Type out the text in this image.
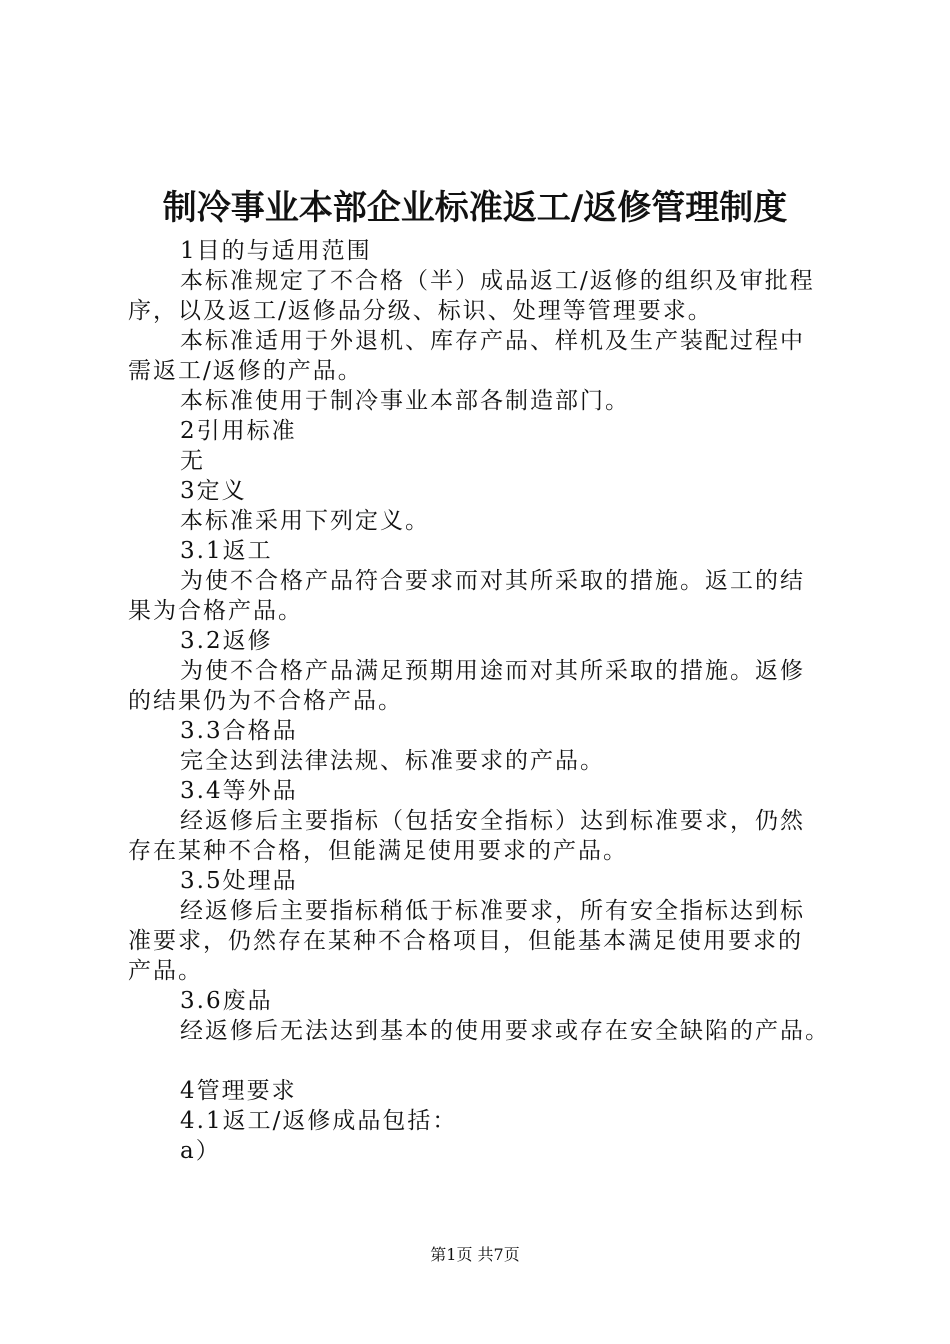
制冷事业本部企业标准返工/返修管理制度
1目的与适用范围
本标准规定了不合格（半）成品返工/返修的组织及审批程
序，以及返工/返修品分级、标识、处理等管理要求。
本标准适用于外退机、库存产品、样机及生产装配过程中
需返工/返修的产品。
本标准使用于制冷事业本部各制造部门。
2引用标准
无
3定义
本标准采用下列定义。
3.1返工
为使不合格产品符合要求而对其所采取的措施。返工的结
果为合格产品。
3.2返修
为使不合格产品满足预期用途而对其所采取的措施。返修
的结果仍为不合格产品。
3.3合格品
完全达到法律法规、标准要求的产品。
3.4等外品
经返修后主要指标（包括安全指标）达到标准要求，仍然
存在某种不合格，但能满足使用要求的产品。
3.5处理品
经返修后主要指标稍低于标准要求，所有安全指标达到标
准要求，仍然存在某种不合格项目，但能基本满足使用要求的
产品。
3.6废品
经返修后无法达到基本的使用要求或存在安全缺陷的产品。
4管理要求
4.1返工/返修成品包括：
a）
第1页 共7页
